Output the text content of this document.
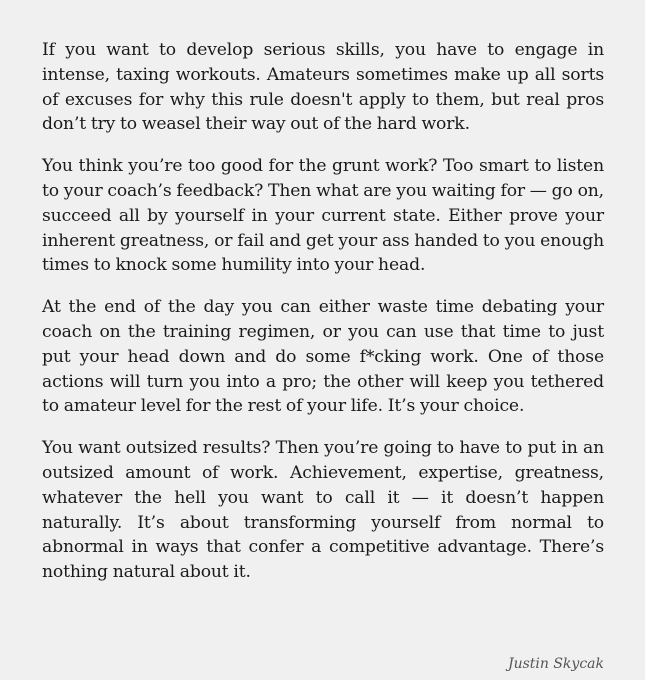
If you want to develop serious skills, you have to engage in intense, taxing workouts. Amateurs sometimes make up all sorts of excuses for why this rule doesn't apply to them, but real pros don’t try to weasel their way out of the hard work.

You think you’re too good for the grunt work? Too smart to listen to your coach’s feedback? Then what are you waiting for — go on, succeed all by yourself in your current state. Either prove your inherent greatness, or fail and get your ass handed to you enough times to knock some humility into your head.

At the end of the day you can either waste time debating your coach on the training regimen, or you can use that time to just put your head down and do some f*cking work. One of those actions will turn you into a pro; the other will keep you tethered to amateur level for the rest of your life. It’s your choice.

You want outsized results? Then you’re going to have to put in an outsized amount of work. Achievement, expertise, greatness, whatever the hell you want to call it — it doesn’t happen naturally. It’s about transforming yourself from normal to abnormal in ways that confer a competitive advantage. There’s nothing natural about it.

Justin Skycak
